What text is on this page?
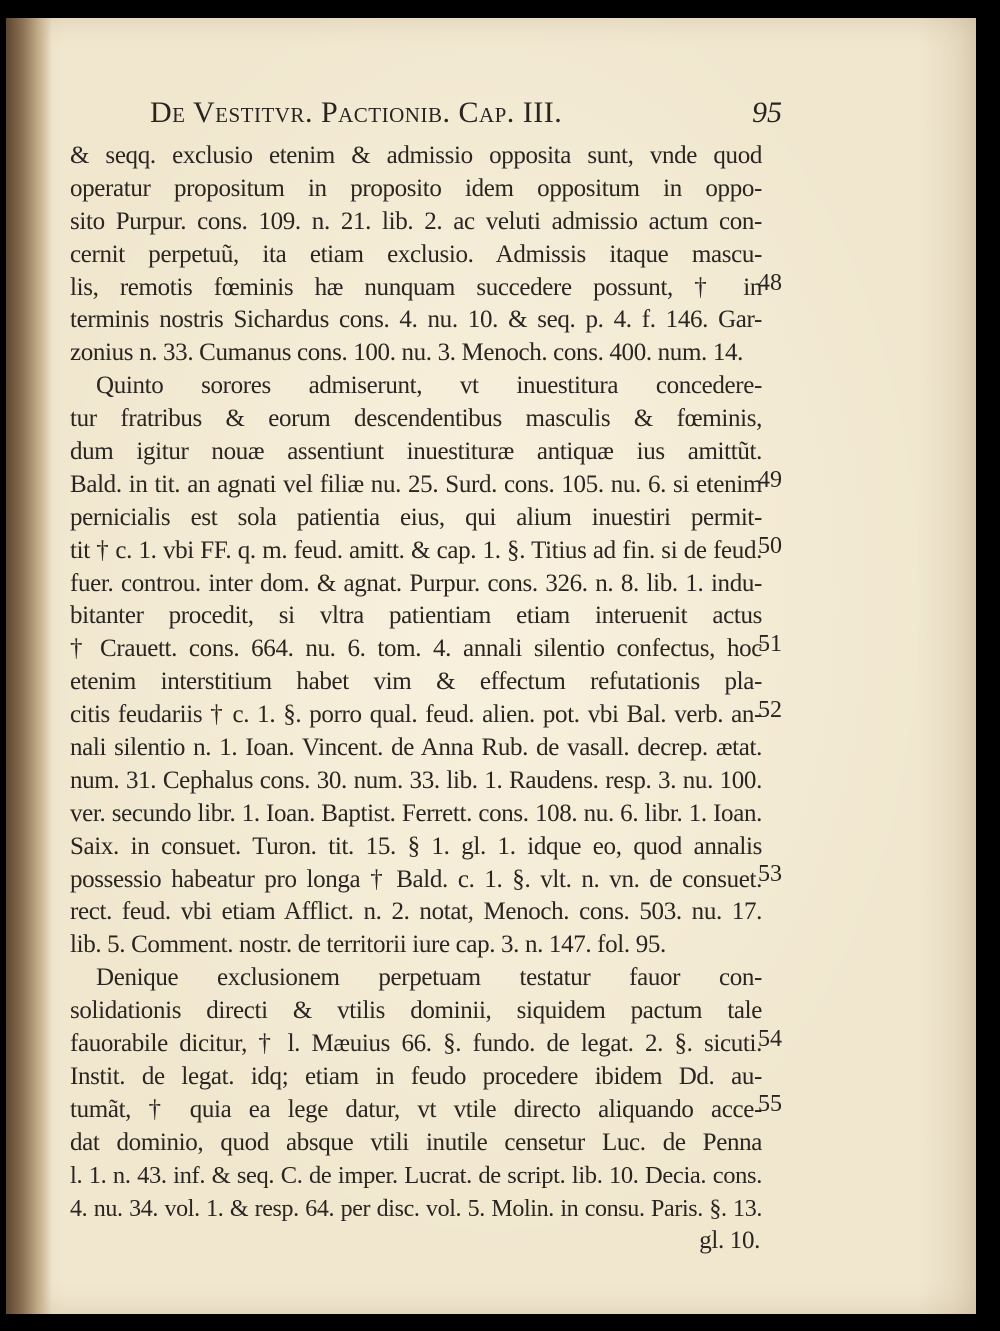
De Vestitvr. Pactionib. Cap. III.	95
& seqq. exclusio etenim & admissio opposita sunt, vnde quod
operatur propositum in proposito idem oppositum in oppo-
sito Purpur. cons. 109. n. 21. lib. 2. ac veluti admissio actum con-
cernit perpetuũ, ita etiam exclusio. Admissis itaque mascu-
lis, remotis fœminis hæ nunquam succedere possunt, † in
terminis nostris Sichardus cons. 4. nu. 10. & seq. p. 4. f. 146. Gar-
zonius n. 33. Cumanus cons. 100. nu. 3. Menoch. cons. 400. num. 14.
Quinto sorores admiserunt, vt inuestitura concedere-
tur fratribus & eorum descendentibus masculis & fœminis,
dum igitur nouæ assentiunt inuestituræ antiquæ ius amittũt.
Bald. in tit. an agnati vel filiæ nu. 25. Surd. cons. 105. nu. 6. si etenim
pernicialis est sola patientia eius, qui alium inuestiri permit-
tit † c. 1. vbi FF. q. m. feud. amitt. & cap. 1. §. Titius ad fin. si de feud.
fuer. controu. inter dom. & agnat. Purpur. cons. 326. n. 8. lib. 1. indu-
bitanter procedit, si vltra patientiam etiam interuenit actus
† Crauett. cons. 664. nu. 6. tom. 4. annali silentio confectus, hoc
etenim interstitium habet vim & effectum refutationis pla-
citis feudariis † c. 1. §. porro qual. feud. alien. pot. vbi Bal. verb. an-
nali silentio n. 1. Ioan. Vincent. de Anna Rub. de vasall. decrep. ætat.
num. 31. Cephalus cons. 30. num. 33. lib. 1. Raudens. resp. 3. nu. 100.
ver. secundo libr. 1. Ioan. Baptist. Ferrett. cons. 108. nu. 6. libr. 1. Ioan.
Saix. in consuet. Turon. tit. 15. § 1. gl. 1. idque eo, quod annalis
possessio habeatur pro longa † Bald. c. 1. §. vlt. n. vn. de consuet.
rect. feud. vbi etiam Afflict. n. 2. notat, Menoch. cons. 503. nu. 17.
lib. 5. Comment. nostr. de territorii iure cap. 3. n. 147. fol. 95.
Denique exclusionem perpetuam testatur fauor con-
solidationis directi & vtilis dominii, siquidem pactum tale
fauorabile dicitur, † l. Mæuius 66. §. fundo. de legat. 2. §. sicuti.
Instit. de legat. idq; etiam in feudo procedere ibidem Dd. au-
tumãt, † quia ea lege datur, vt vtile directo aliquando acce-
dat dominio, quod absque vtili inutile censetur Luc. de Penna
l. 1. n. 43. inf. & seq. C. de imper. Lucrat. de script. lib. 10. Decia. cons.
4. nu. 34. vol. 1. & resp. 64. per disc. vol. 5. Molin. in consu. Paris. §. 13.
gl. 10.
48
49
50
51
52
53
54
55
